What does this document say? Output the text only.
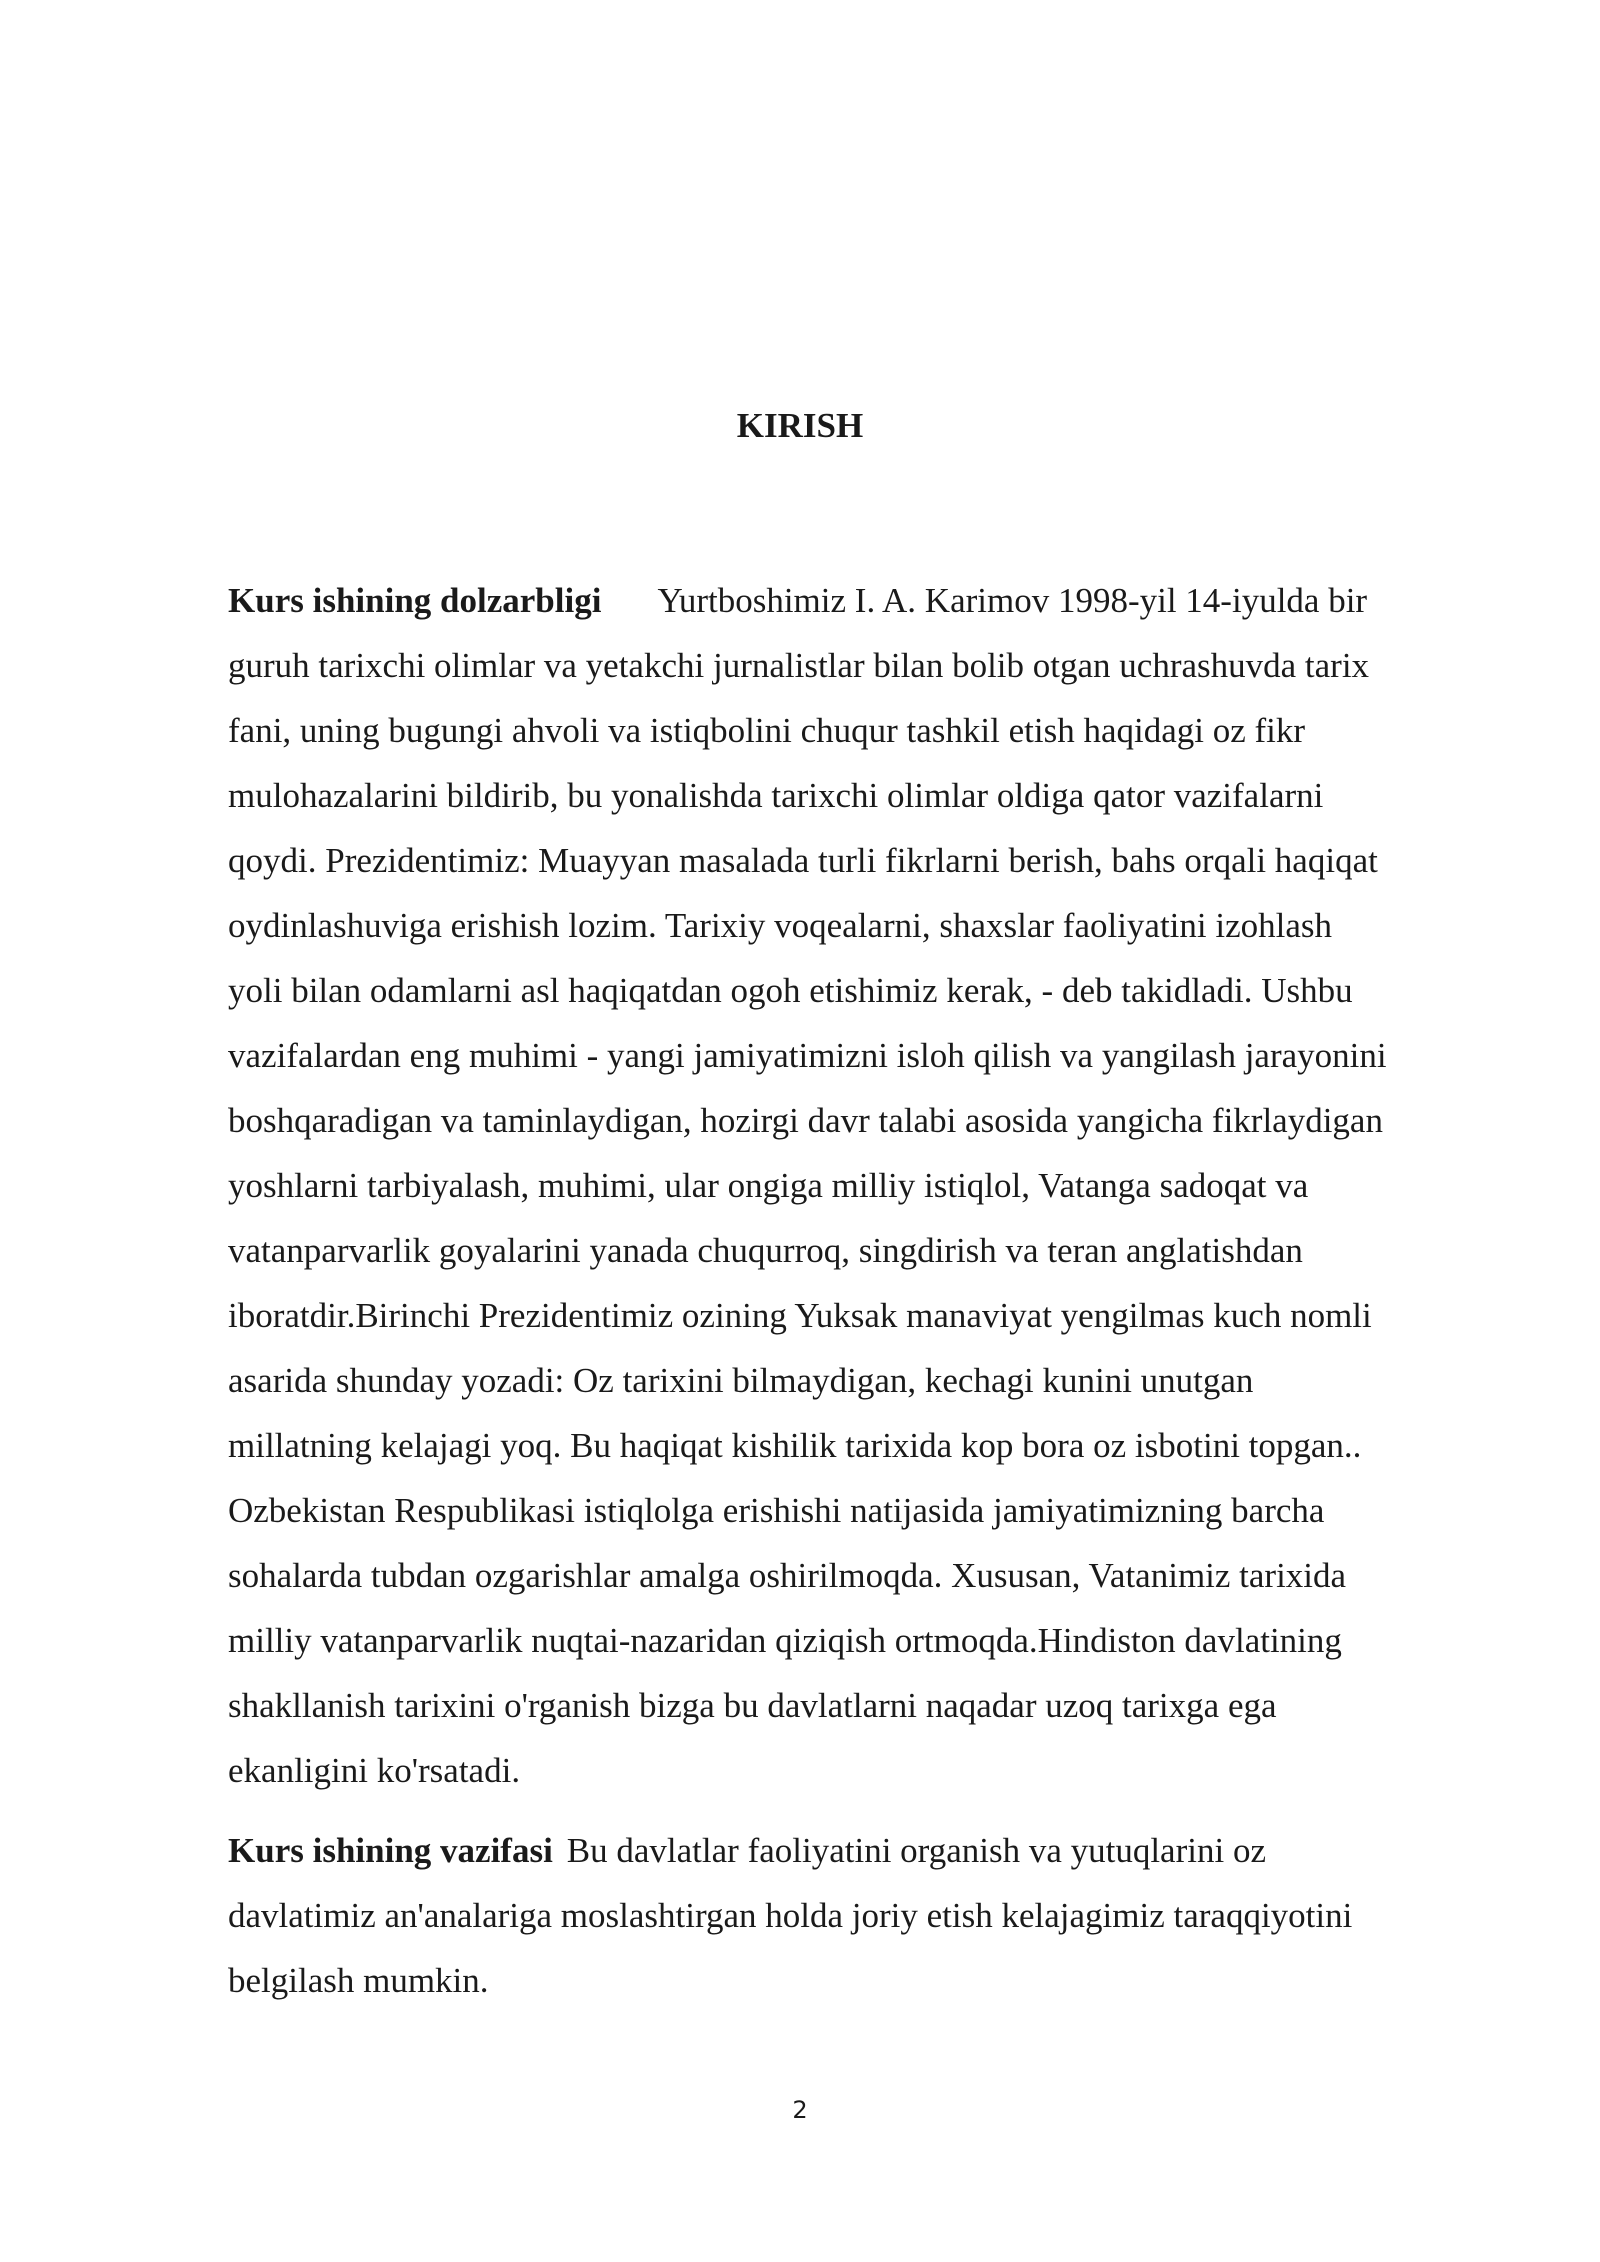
KIRISH
Kurs ishining dolzarbligi Yurtboshimiz I. A. Karimov 1998-yil 14-iyulda bir
guruh tarixchi olimlar va yetakchi jurnalistlar bilan bolib otgan uchrashuvda tarix
fani, uning bugungi ahvoli va istiqbolini chuqur tashkil etish haqidagi oz fikr
mulohazalarini bildirib, bu yonalishda tarixchi olimlar oldiga qator vazifalarni
qoydi. Prezidentimiz: Muayyan masalada turli fikrlarni berish, bahs orqali haqiqat
oydinlashuviga erishish lozim. Tarixiy voqealarni, shaxslar faoliyatini izohlash
yoli bilan odamlarni asl haqiqatdan ogoh etishimiz kerak, - deb takidladi. Ushbu
vazifalardan eng muhimi - yangi jamiyatimizni isloh qilish va yangilash jarayonini
boshqaradigan va taminlaydigan, hozirgi davr talabi asosida yangicha fikrlaydigan
yoshlarni tarbiyalash, muhimi, ular ongiga milliy istiqlol, Vatanga sadoqat va
vatanparvarlik goyalarini yanada chuqurroq, singdirish va teran anglatishdan
iboratdir.Birinchi Prezidentimiz ozining Yuksak manaviyat yengilmas kuch nomli
asarida shunday yozadi: Oz tarixini bilmaydigan, kechagi kunini unutgan
millatning kelajagi yoq. Bu haqiqat kishilik tarixida kop bora oz isbotini topgan..
Ozbekistan Respublikasi istiqlolga erishishi natijasida jamiyatimizning barcha
sohalarda tubdan ozgarishlar amalga oshirilmoqda. Xususan, Vatanimiz tarixida
milliy vatanparvarlik nuqtai-nazaridan qiziqish ortmoqda.Hindiston davlatining
shakllanish tarixini o'rganish bizga bu davlatlarni naqadar uzoq tarixga ega
ekanligini ko'rsatadi.
Kurs ishining vazifasi Bu davlatlar faoliyatini organish va yutuqlarini oz
davlatimiz an'analariga moslashtirgan holda joriy etish kelajagimiz taraqqiyotini
belgilash mumkin.
2
